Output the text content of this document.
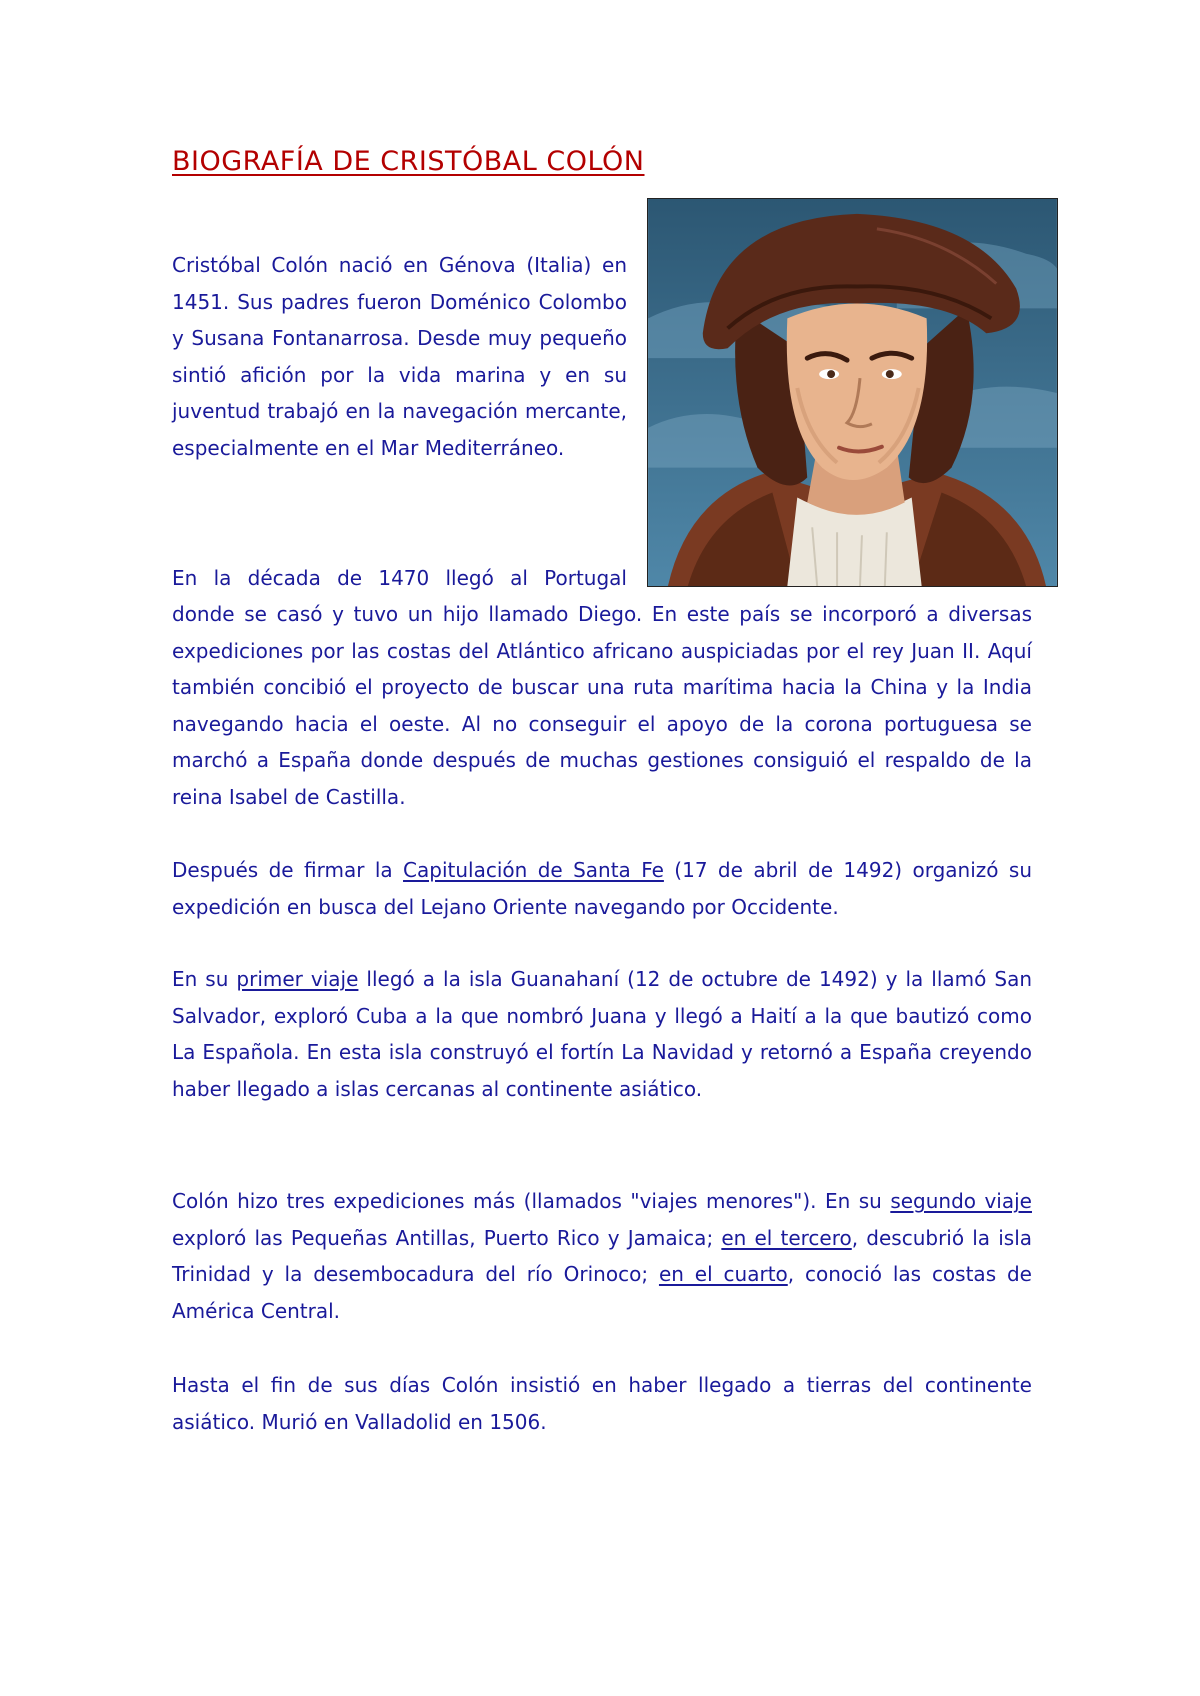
BIOGRAFÍA DE CRISTÓBAL COLÓN

Cristóbal Colón nació en Génova (Italia) en 1451. Sus padres fueron Doménico Colombo y Susana Fontanarrosa. Desde muy pequeño sintió afición por la vida marina y en su juventud trabajó en la navegación mercante, especialmente en el Mar Mediterráneo.

En la década de 1470 llegó al Portugal

donde se casó y tuvo un hijo llamado Diego. En este país se incorporó a diversas expediciones por las costas del Atlántico africano auspiciadas por el rey Juan II. Aquí también concibió el proyecto de buscar una ruta marítima hacia la China y la India navegando hacia el oeste. Al no conseguir el apoyo de la corona portuguesa se marchó a España donde después de muchas gestiones consiguió el respaldo de la reina Isabel de Castilla.

Después de firmar la Capitulación de Santa Fe (17 de abril de 1492) organizó su expedición en busca del Lejano Oriente navegando por Occidente.

En su primer viaje llegó a la isla Guanahaní (12 de octubre de 1492) y la llamó San Salvador, exploró Cuba a la que nombró Juana y llegó a Haití a la que bautizó como La Española. En esta isla construyó el fortín La Navidad y retornó a España creyendo haber llegado a islas cercanas al continente asiático.

Colón hizo tres expediciones más (llamados "viajes menores"). En su segundo viaje exploró las Pequeñas Antillas, Puerto Rico y Jamaica; en el tercero, descubrió la isla Trinidad y la desembocadura del río Orinoco; en el cuarto, conoció las costas de América Central.

Hasta el fin de sus días Colón insistió en haber llegado a tierras del continente asiático. Murió en Valladolid en 1506.
